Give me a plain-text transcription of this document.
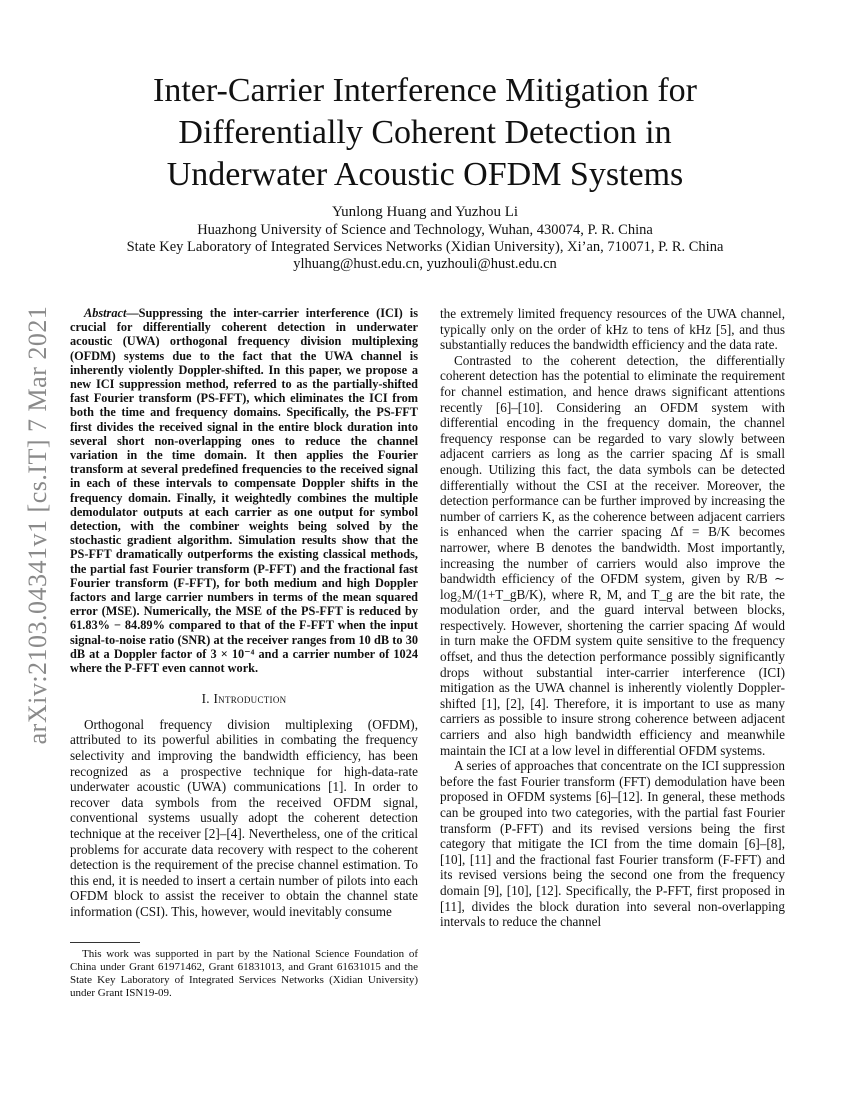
arXiv:2103.04341v1 [cs.IT] 7 Mar 2021
Inter-Carrier Interference Mitigation for Differentially Coherent Detection in Underwater Acoustic OFDM Systems
Yunlong Huang and Yuzhou Li
Huazhong University of Science and Technology, Wuhan, 430074, P. R. China
State Key Laboratory of Integrated Services Networks (Xidian University), Xi’an, 710071, P. R. China
ylhuang@hust.edu.cn, yuzhouli@hust.edu.cn

Abstract—Suppressing the inter-carrier interference (ICI) is crucial for differentially coherent detection in underwater acoustic (UWA) orthogonal frequency division multiplexing (OFDM) systems due to the fact that the UWA channel is inherently violently Doppler-shifted. In this paper, we propose a new ICI suppression method, referred to as the partially-shifted fast Fourier transform (PS-FFT), which eliminates the ICI from both the time and frequency domains. Specifically, the PS-FFT first divides the received signal in the entire block duration into several short non-overlapping ones to reduce the channel variation in the time domain. It then applies the Fourier transform at several predefined frequencies to the received signal in each of these intervals to compensate Doppler shifts in the frequency domain. Finally, it weightedly combines the multiple demodulator outputs at each carrier as one output for symbol detection, with the combiner weights being solved by the stochastic gradient algorithm. Simulation results show that the PS-FFT dramatically outperforms the existing classical methods, the partial fast Fourier transform (P-FFT) and the fractional fast Fourier transform (F-FFT), for both medium and high Doppler factors and large carrier numbers in terms of the mean squared error (MSE). Numerically, the MSE of the PS-FFT is reduced by 61.83% − 84.89% compared to that of the F-FFT when the input signal-to-noise ratio (SNR) at the receiver ranges from 10 dB to 30 dB at a Doppler factor of 3 × 10⁻⁴ and a carrier number of 1024 where the P-FFT even cannot work.

I. Introduction

Orthogonal frequency division multiplexing (OFDM), attributed to its powerful abilities in combating the frequency selectivity and improving the bandwidth efficiency, has been recognized as a prospective technique for high-data-rate underwater acoustic (UWA) communications [1]. In order to recover data symbols from the received OFDM signal, conventional systems usually adopt the coherent detection technique at the receiver [2]–[4]. Nevertheless, one of the critical problems for accurate data recovery with respect to the coherent detection is the requirement of the precise channel estimation. To this end, it is needed to insert a certain number of pilots into each OFDM block to assist the receiver to obtain the channel state information (CSI). This, however, would inevitably consume

This work was supported in part by the National Science Foundation of China under Grant 61971462, Grant 61831013, and Grant 61631015 and the State Key Laboratory of Integrated Services Networks (Xidian University) under Grant ISN19-09.

the extremely limited frequency resources of the UWA channel, typically only on the order of kHz to tens of kHz [5], and thus substantially reduces the bandwidth efficiency and the data rate.

Contrasted to the coherent detection, the differentially coherent detection has the potential to eliminate the requirement for channel estimation, and hence draws significant attentions recently [6]–[10]. Considering an OFDM system with differential encoding in the frequency domain, the channel frequency response can be regarded to vary slowly between adjacent carriers as long as the carrier spacing Δf is small enough. Utilizing this fact, the data symbols can be detected differentially without the CSI at the receiver. Moreover, the detection performance can be further improved by increasing the number of carriers K, as the coherence between adjacent carriers is enhanced when the carrier spacing Δf = B/K becomes narrower, where B denotes the bandwidth. Most importantly, increasing the number of carriers would also improve the bandwidth efficiency of the OFDM system, given by R/B ∼ log₂M/(1+T_gB/K), where R, M, and T_g are the bit rate, the modulation order, and the guard interval between blocks, respectively. However, shortening the carrier spacing Δf would in turn make the OFDM system quite sensitive to the frequency offset, and thus the detection performance possibly significantly drops without substantial inter-carrier interference (ICI) mitigation as the UWA channel is inherently violently Doppler-shifted [1], [2], [4]. Therefore, it is important to use as many carriers as possible to insure strong coherence between adjacent carriers and also high bandwidth efficiency and meanwhile maintain the ICI at a low level in differential OFDM systems.

A series of approaches that concentrate on the ICI suppression before the fast Fourier transform (FFT) demodulation have been proposed in OFDM systems [6]–[12]. In general, these methods can be grouped into two categories, with the partial fast Fourier transform (P-FFT) and its revised versions being the first category that mitigate the ICI from the time domain [6]–[8], [10], [11] and the fractional fast Fourier transform (F-FFT) and its revised versions being the second one from the frequency domain [9], [10], [12]. Specifically, the P-FFT, first proposed in [11], divides the block duration into several non-overlapping intervals to reduce the channel
